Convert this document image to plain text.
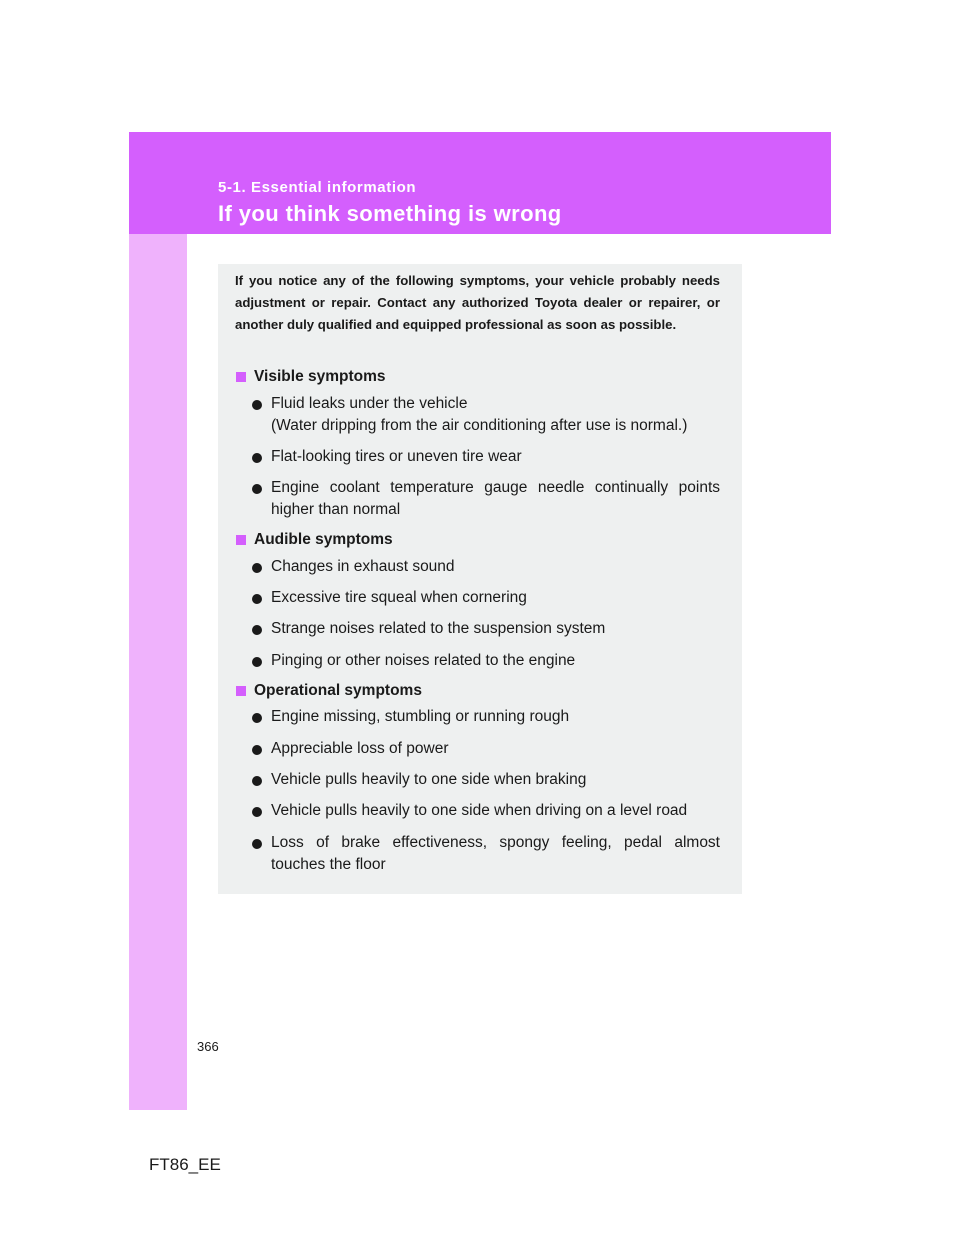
5-1. Essential information
If you think something is wrong
If you notice any of the following symptoms, your vehicle probably needs adjustment or repair. Contact any authorized Toyota dealer or repairer, or another duly qualified and equipped professional as soon as possible.
Visible symptoms
Fluid leaks under the vehicle
(Water dripping from the air conditioning after use is normal.)
Flat-looking tires or uneven tire wear
Engine coolant temperature gauge needle continually points higher than normal
Audible symptoms
Changes in exhaust sound
Excessive tire squeal when cornering
Strange noises related to the suspension system
Pinging or other noises related to the engine
Operational symptoms
Engine missing, stumbling or running rough
Appreciable loss of power
Vehicle pulls heavily to one side when braking
Vehicle pulls heavily to one side when driving on a level road
Loss of brake effectiveness, spongy feeling, pedal almost touches the floor
366
FT86_EE
